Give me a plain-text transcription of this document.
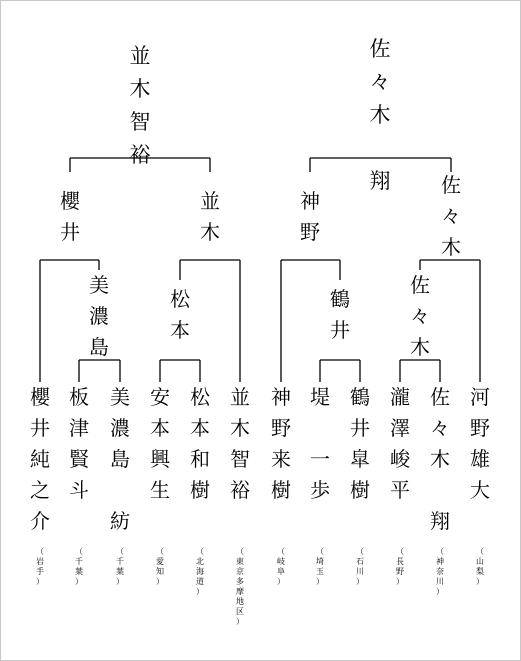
並
木
智
裕
佐
々
木

翔
櫻
井
並
木
神
野
佐
々
木
美
濃
島
松
本
鶴
井
佐
々
木
櫻
井
純
之
介
（
岩
手
）
板
津
賢
斗
（
千
葉
）
美
濃
島

紡
（
千
葉
）
安
本
興
生
（
愛
知
）
松
本
和
樹
（
北
海
道
）
並
木
智
裕
（
東
京
多
摩
地
区
）
神
野
来
樹
（
岐
阜
）
堤

一
歩
（
埼
玉
）
鶴
井
皐
樹
（
石
川
）
瀧
澤
峻
平
（
長
野
）
佐
々
木

翔
（
神
奈
川
）
河
野
雄
大
（
山
梨
）
